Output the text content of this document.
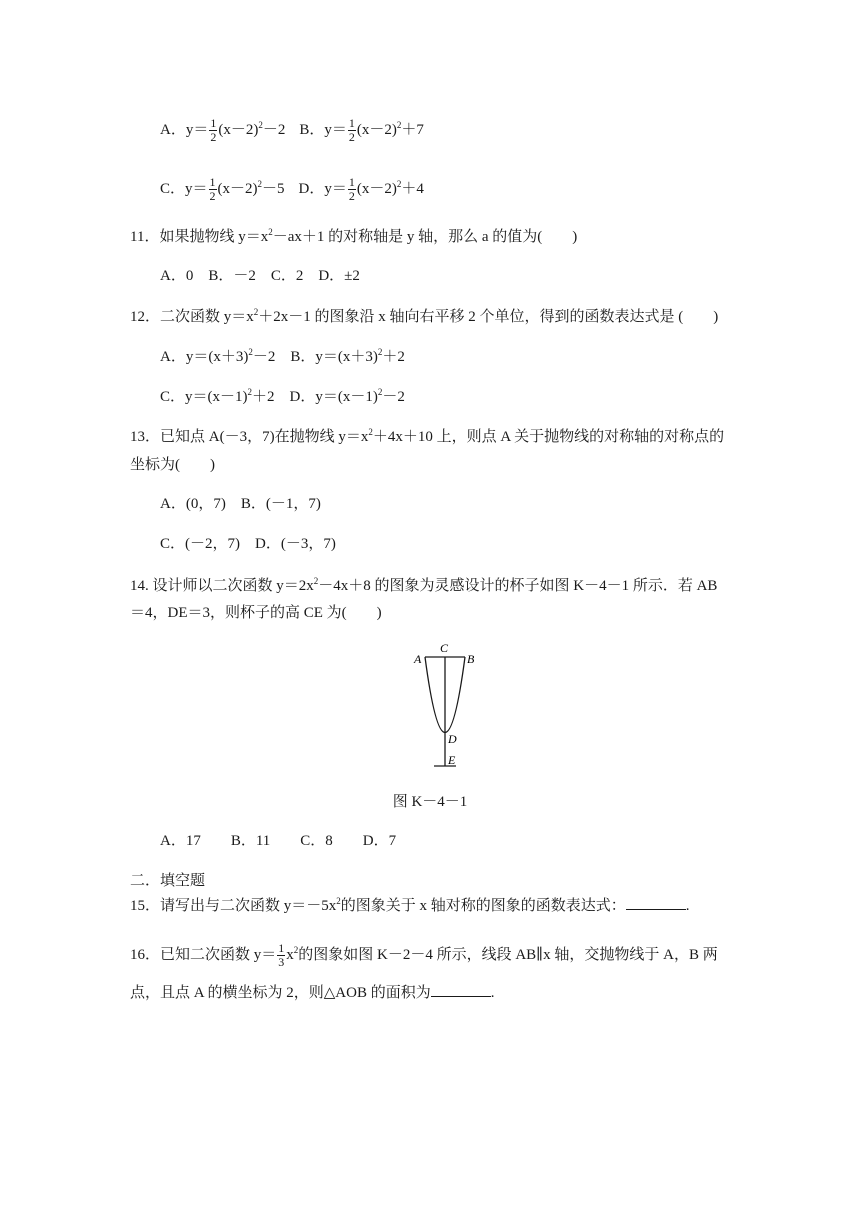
A．$y= \frac{1}{2} (x-2)^2-2$ B．$y= \frac{1}{2} (x-2)^2+7$
C．$y= \frac{1}{2} (x-2)^2-5$ D．$y= \frac{1}{2} (x-2)^2+4$
11．如果抛物线 $y=x^2-ax+1$ 的对称轴是 y 轴，那么 a 的值为(　　)
A．0　B．－2　C．2　D．±2
12．二次函数 $y=x^2+2x-1$ 的图象沿 x 轴向右平移 2 个单位，得到的函数表达式是 (　　)
A．$y=(x+3)^2-2$　B．$y=(x+3)^2+2$
C．$y=(x-1)^2+2$　D．$y=(x-1)^2-2$
13．已知点 A(－3，7)在抛物线 $y=x^2+4x+10$ 上，则点 A 关于抛物线的对称轴的对称点的
坐标为(　　)
A．(0，7)　B．(－1，7)
C．(－2，7)　D．(－3，7)
14. 设计师以二次函数 $y=2x^2-4x+8$ 的图象为灵感设计的杯子如图 K－4－1 所示．若 AB
＝4，DE＝3，则杯子的高 CE 为(　　)
A	B
C
D
E
图 K－4－1
A．17　　B．11　　C．8　　D．7
二．填空题
15．请写出与二次函数 $y=-5x^2$的图象关于 x 轴对称的图象的函数表达式：	.
16．已知二次函数 $y= \frac{1}{3} x^2$的图象如图 K－2－4 所示，线段 AB∥x 轴，交抛物线于 A，B 两
点，且点 A 的横坐标为 2，则△AOB 的面积为	.
